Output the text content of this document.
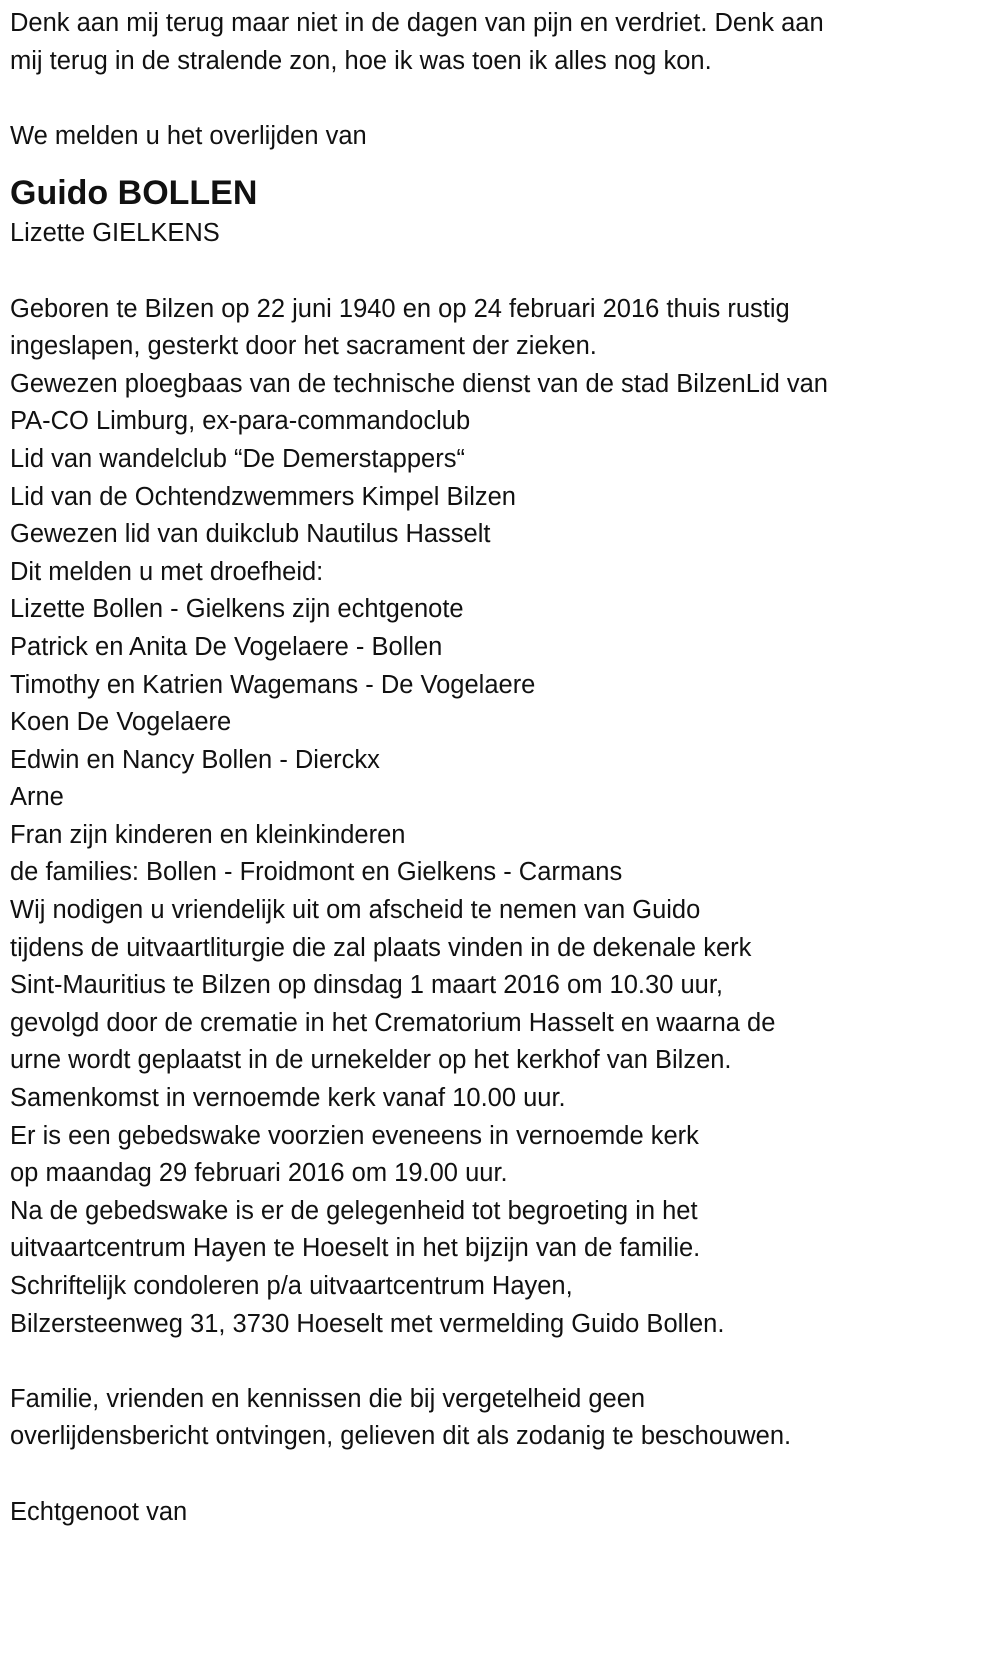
Denk aan mij terug maar niet in de dagen van pijn en verdriet. Denk aan
mij terug in de stralende zon, hoe ik was toen ik alles nog kon.
We melden u het overlijden van
Guido BOLLEN
Lizette GIELKENS
Geboren te Bilzen op 22 juni 1940 en op 24 februari 2016 thuis rustig
ingeslapen, gesterkt door het sacrament der zieken.
Gewezen ploegbaas van de technische dienst van de stad BilzenLid van
PA-CO Limburg, ex-para-commandoclub
Lid van wandelclub “De Demerstappers“
Lid van de Ochtendzwemmers Kimpel Bilzen
Gewezen lid van duikclub Nautilus Hasselt
Dit melden u met droefheid:
Lizette Bollen - Gielkens zijn echtgenote
Patrick en Anita De Vogelaere - Bollen
Timothy en Katrien Wagemans - De Vogelaere
Koen De Vogelaere
Edwin en Nancy Bollen - Dierckx
Arne
Fran zijn kinderen en kleinkinderen
de families: Bollen - Froidmont en Gielkens - Carmans
Wij nodigen u vriendelijk uit om afscheid te nemen van Guido
tijdens de uitvaartliturgie die zal plaats vinden in de dekenale kerk
Sint-Mauritius te Bilzen op dinsdag 1 maart 2016 om 10.30 uur,
gevolgd door de crematie in het Crematorium Hasselt en waarna de
urne wordt geplaatst in de urnekelder op het kerkhof van Bilzen.
Samenkomst in vernoemde kerk vanaf 10.00 uur.
Er is een gebedswake voorzien eveneens in vernoemde kerk
op maandag 29 februari 2016 om 19.00 uur.
Na de gebedswake is er de gelegenheid tot begroeting in het
uitvaartcentrum Hayen te Hoeselt in het bijzijn van de familie.
Schriftelijk condoleren p/a uitvaartcentrum Hayen,
Bilzersteenweg 31, 3730 Hoeselt met vermelding Guido Bollen.
Familie, vrienden en kennissen die bij vergetelheid geen
overlijdensbericht ontvingen, gelieven dit als zodanig te beschouwen.
Echtgenoot van
